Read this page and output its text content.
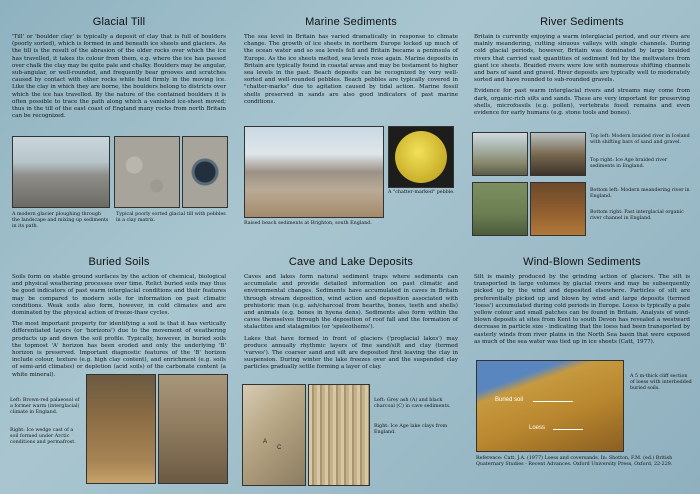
Glacial Till

'Till' or 'boulder clay' is typically a deposit of clay that is full of boulders (poorly sorted), which is formed in and beneath ice sheets and glaciers. As the till is the result of the abrasion of the older rocks over which the ice has travelled, it takes its colour from them, e.g. where the ice has passed over chalk the clay may be quite pale and chalky. Boulders may be angular, sub-angular, or well-rounded, and frequently bear grooves and scratches caused by contact with other rocks while held firmly in the moving ice. Like the clay in which they are borne, the boulders belong to districts over which the ice has travelled. By the nature of the contained boulders it is often possible to trace the path along which a vanished ice-sheet moved; thus in the till of the east coast of England many rocks from north Britain can be recognized.

A modern glacier ploughing through the landscape and mixing up sediments in its path.
Typical poorly sorted glacial till with pebbles in a clay matrix.
Marine Sediments

The sea level in Britain has varied dramatically in response to climate change. The growth of ice sheets in northern Europe locked up much of the ocean water and so sea levels fell and Britain became a peninsula of Europe. As the ice sheets melted, sea levels rose again. Marine deposits in Britain are typically found in coastal areas and may be testament to higher sea levels in the past. Beach deposits can be recognized by very well-sorted and well-rounded pebbles. Beach pebbles are typically covered in "chatter-marks" due to agitation caused by tidal action. Marine fossil shells preserved in sands are also good indicators of past marine conditions.

A "chatter-marked" pebble.
Raised beach sediments at Brighton, south England.
River Sediments

Britain is currently enjoying a warm interglacial period, and our rivers are mainly meandering, cutting sinuous valleys with single channels. During cold glacial periods, however, Britain was dominated by large braided rivers that carried vast quantities of sediment fed by the meltwaters from giant ice sheets. Braided rivers were low with numerous shifting channels and bars of sand and gravel. River deposits are typically well to moderately sorted and have rounded to sub-rounded gravels.

Evidence for past warm interglacial rivers and streams may come from dark, organic-rich silts and sands. These are very important for preserving shells, microfossils (e.g. pollen), vertebrate fossil remains and even evidence for early humans (e.g. stone tools and bones).

Top left: Modern braided river in Iceland with shifting bars of sand and gravel.
Top right: Ice Age braided river sediments in England.
Bottom left: Modern meandering river in England.
Bottom right: Past interglacial organic river channel in England.
Buried Soils

Soils form on stable ground surfaces by the action of chemical, biological and physical weathering processes over time. Relict buried soils may thus be good indicators of past warm interglacial conditions and their features may be compared to modern soils for information on past climatic conditions. Weak soils also form, however, in cold climates and are dominated by the physical action of freeze-thaw cycles.

The most important property for identifying a soil is that it has vertically differentiated layers (or 'horizons') due to the movement of weathering products up and down the soil profile. Typically, however, in buried soils the topmost 'A' horizon has been eroded and only the underlying 'B' horizon is preserved. Important diagnostic features of the 'B' horizon include colour, texture (e.g. high clay content), and enrichment (e.g. soils of semi-arid climates) or depletion (acid soils) of the carbonate content (a white mineral).

Left: Brown-red palaeosol of a former warm (interglacial) climate in England.
Right: Ice wedge cast of a soil formed under Arctic conditions and permafrost.
Cave and Lake Deposits

Caves and lakes form natural sediment traps where sediments can accumulate and provide detailed information on past climatic and environmental changes. Sediments have accumulated in caves in Britain through stream deposition, wind action and deposition associated with prehistoric man (e.g. ash/charcoal from hearths, bones, teeth and shells) and animals (e.g. bones in hyena dens). Sediments also form within the caves themselves through the deposition of roof fall and the formation of stalactites and stalagmites (or 'speleothems').

Lakes that have formed in front of glaciers ('proglacial lakes') may produce annually rhythmic layers of fine sand/silt and clay (termed 'varves'). The coarser sand and silt are deposited first leaving the clay in suspension. During winter the lake freezes over and the suspended clay particles gradually settle forming a layer of clay.

A
C
Left: Grey ash (A) and black charcoal (C) in cave sediments.
Right: Ice Age lake clays from England.
Wind-Blown Sediments

Silt is mainly produced by the grinding action of glaciers. The silt is transported in large volumes by glacial rivers and may be subsequently picked up by the wind and deposited elsewhere. Particles of silt are preferentially picked up and blown by wind and large deposits (termed 'loess') accumulated during cold periods in Europe. Loess is typically a pale yellow colour and small patches can be found in Britain. Analysis of wind-blown deposits at sites from Kent to south Devon has revealed a westward decrease in particle size - indicating that the loess had been transported by easterly winds from river plains in the North Sea basin that were exposed as much of the sea water was tied up in ice sheets (Catt, 1977).

Buried soil
Loess
A 5 m-thick cliff section of loess with interbedded buried soils.
Reference: Catt, J.A. (1977) Loess and coversands. In: Shotton, F.M. (ed.) British Quaternary Studies - Recent Advances. Oxford University Press, Oxford, 22-229.
